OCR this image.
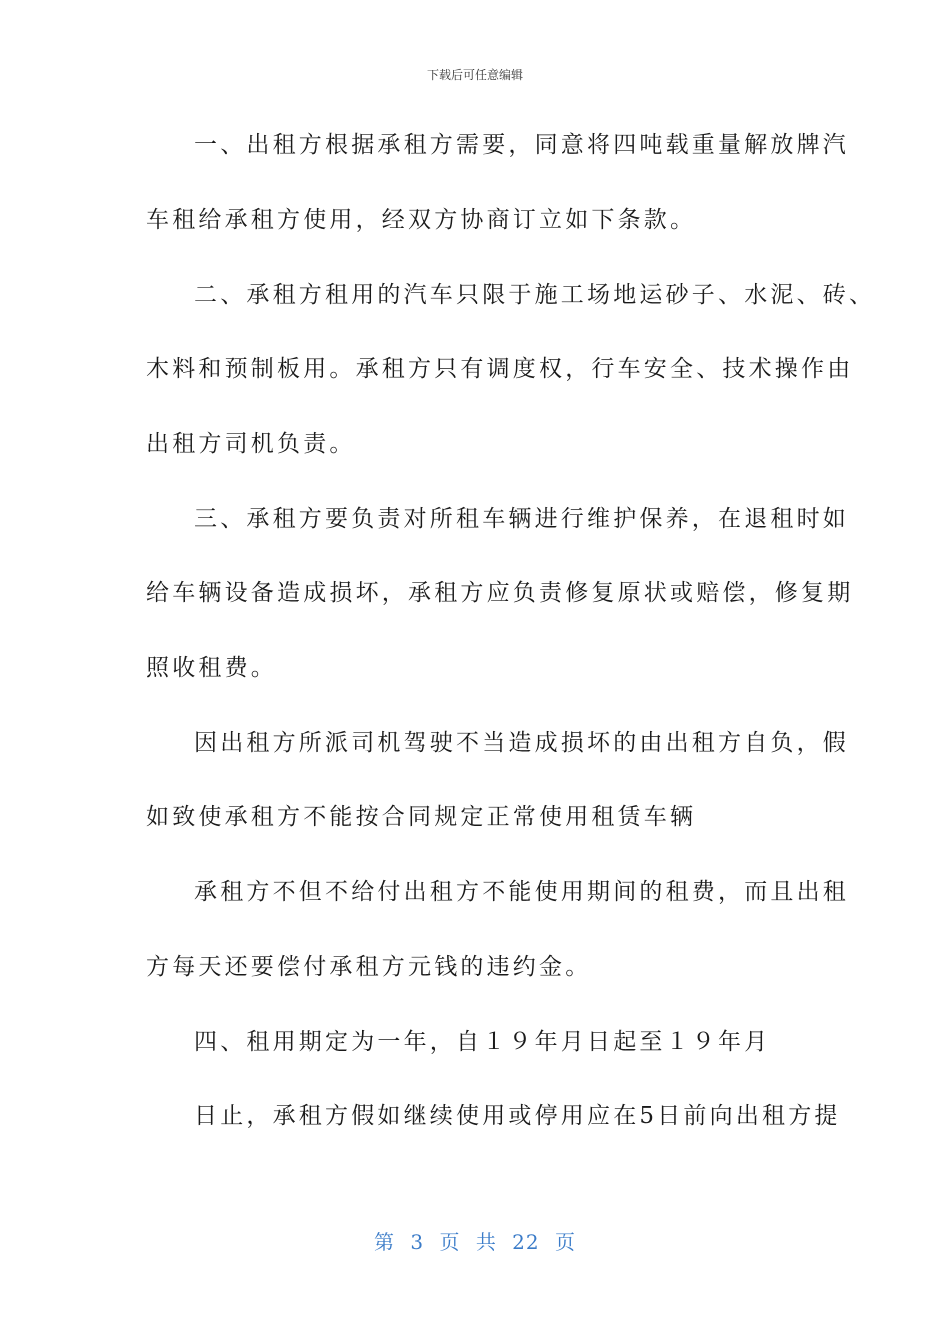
下载后可任意编辑
一、出租方根据承租方需要，同意将四吨载重量解放牌汽
车租给承租方使用，经双方协商订立如下条款。
二、承租方租用的汽车只限于施工场地运砂子、水泥、砖、
木料和预制板用。承租方只有调度权，行车安全、技术操作由
出租方司机负责。
三、承租方要负责对所租车辆进行维护保养，在退租时如
给车辆设备造成损坏，承租方应负责修复原状或赔偿，修复期
照收租费。
因出租方所派司机驾驶不当造成损坏的由出租方自负，假
如致使承租方不能按合同规定正常使用租赁车辆
承租方不但不给付出租方不能使用期间的租费，而且出租
方每天还要偿付承租方元钱的违约金。
四、租用期定为一年，自１９年月日起至１９年月
日止，承租方假如继续使用或停用应在5日前向出租方提
第 3 页 共 22 页
